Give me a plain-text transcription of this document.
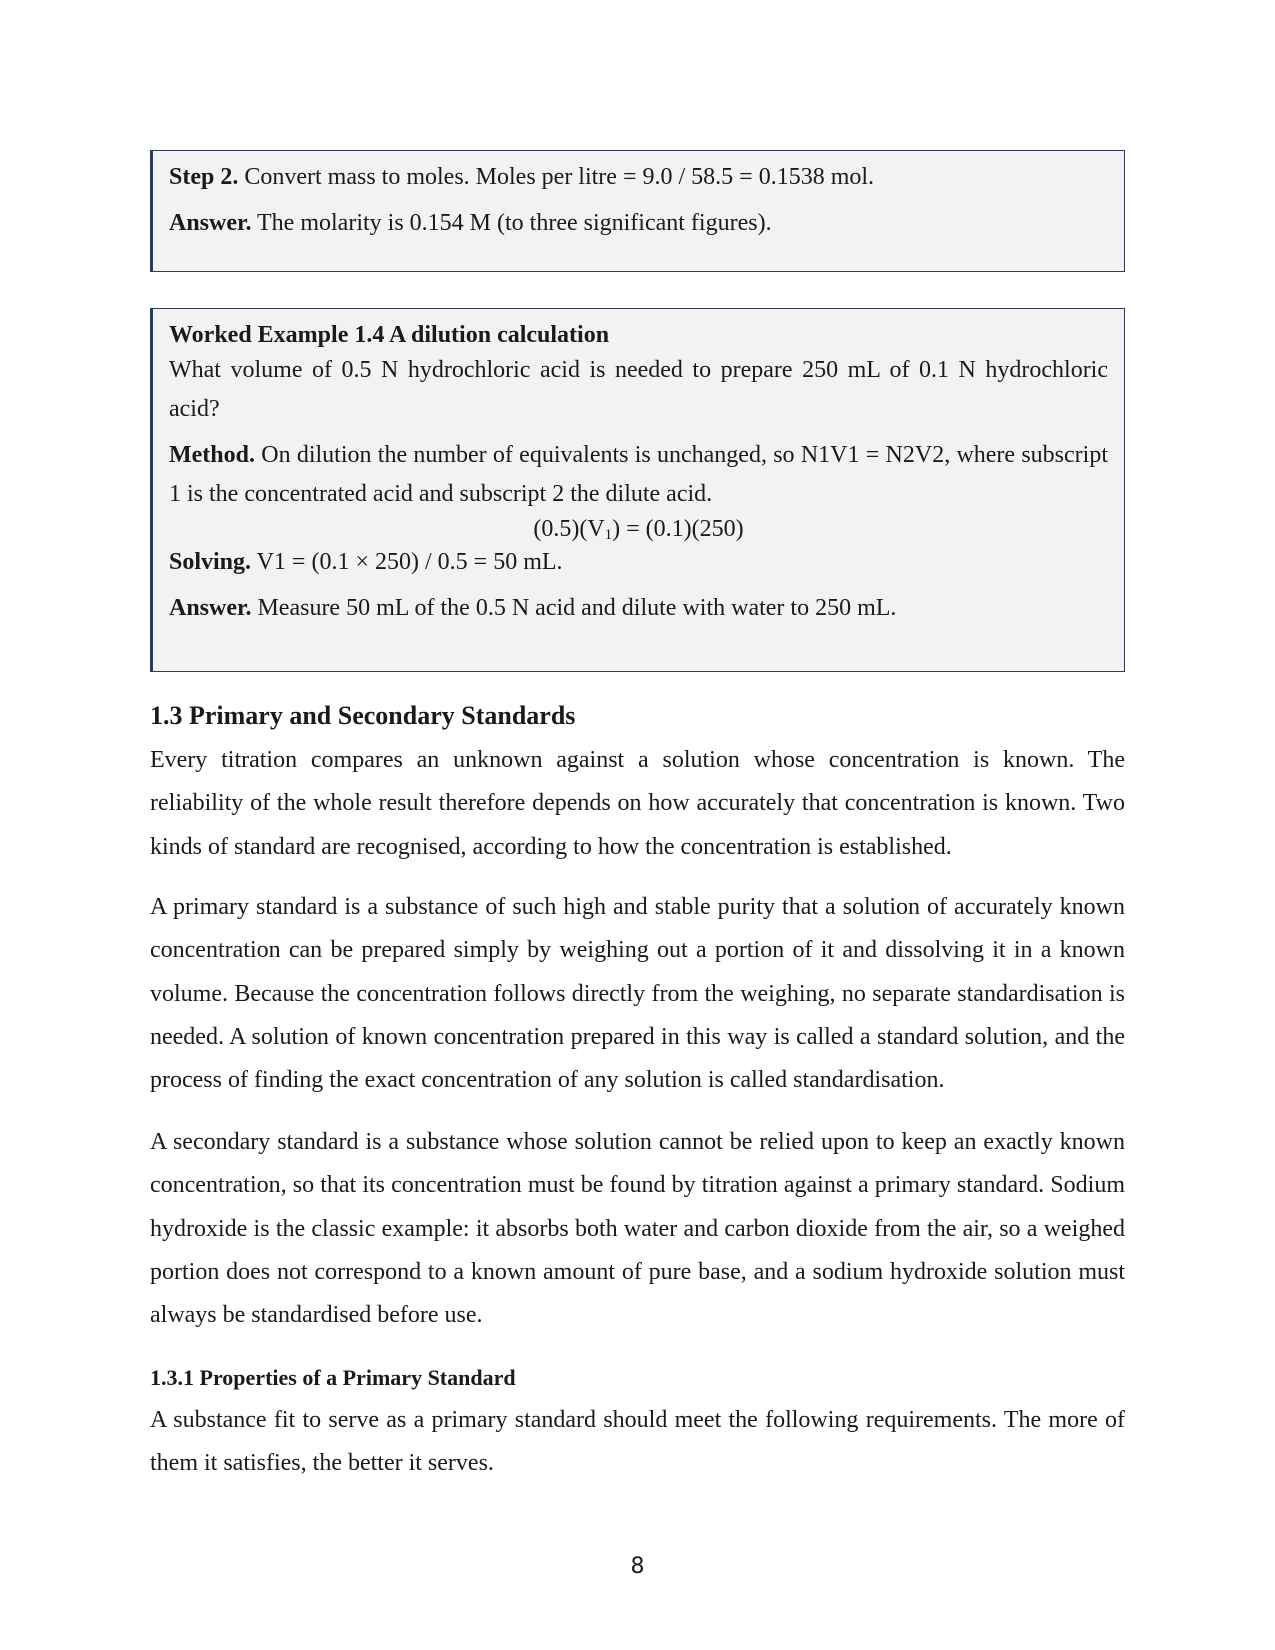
Step 2. Convert mass to moles. Moles per litre = 9.0 / 58.5 = 0.1538 mol.

Answer. The molarity is 0.154 M (to three significant figures).

Worked Example 1.4 A dilution calculation

What volume of 0.5 N hydrochloric acid is needed to prepare 250 mL of 0.1 N hydrochloric acid?

Method. On dilution the number of equivalents is unchanged, so N1V1 = N2V2, where subscript 1 is the concentrated acid and subscript 2 the dilute acid.

$(0.5)(V_1) = (0.1)(250)$

Solving. V1 = (0.1 × 250) / 0.5 = 50 mL.

Answer. Measure 50 mL of the 0.5 N acid and dilute with water to 250 mL.

1.3 Primary and Secondary Standards

Every titration compares an unknown against a solution whose concentration is known. The reliability of the whole result therefore depends on how accurately that concentration is known. Two kinds of standard are recognised, according to how the concentration is established.

A primary standard is a substance of such high and stable purity that a solution of accurately known concentration can be prepared simply by weighing out a portion of it and dissolving it in a known volume. Because the concentration follows directly from the weighing, no separate standardisation is needed. A solution of known concentration prepared in this way is called a standard solution, and the process of finding the exact concentration of any solution is called standardisation.

A secondary standard is a substance whose solution cannot be relied upon to keep an exactly known concentration, so that its concentration must be found by titration against a primary standard. Sodium hydroxide is the classic example: it absorbs both water and carbon dioxide from the air, so a weighed portion does not correspond to a known amount of pure base, and a sodium hydroxide solution must always be standardised before use.

1.3.1 Properties of a Primary Standard

A substance fit to serve as a primary standard should meet the following requirements. The more of them it satisfies, the better it serves.

8
